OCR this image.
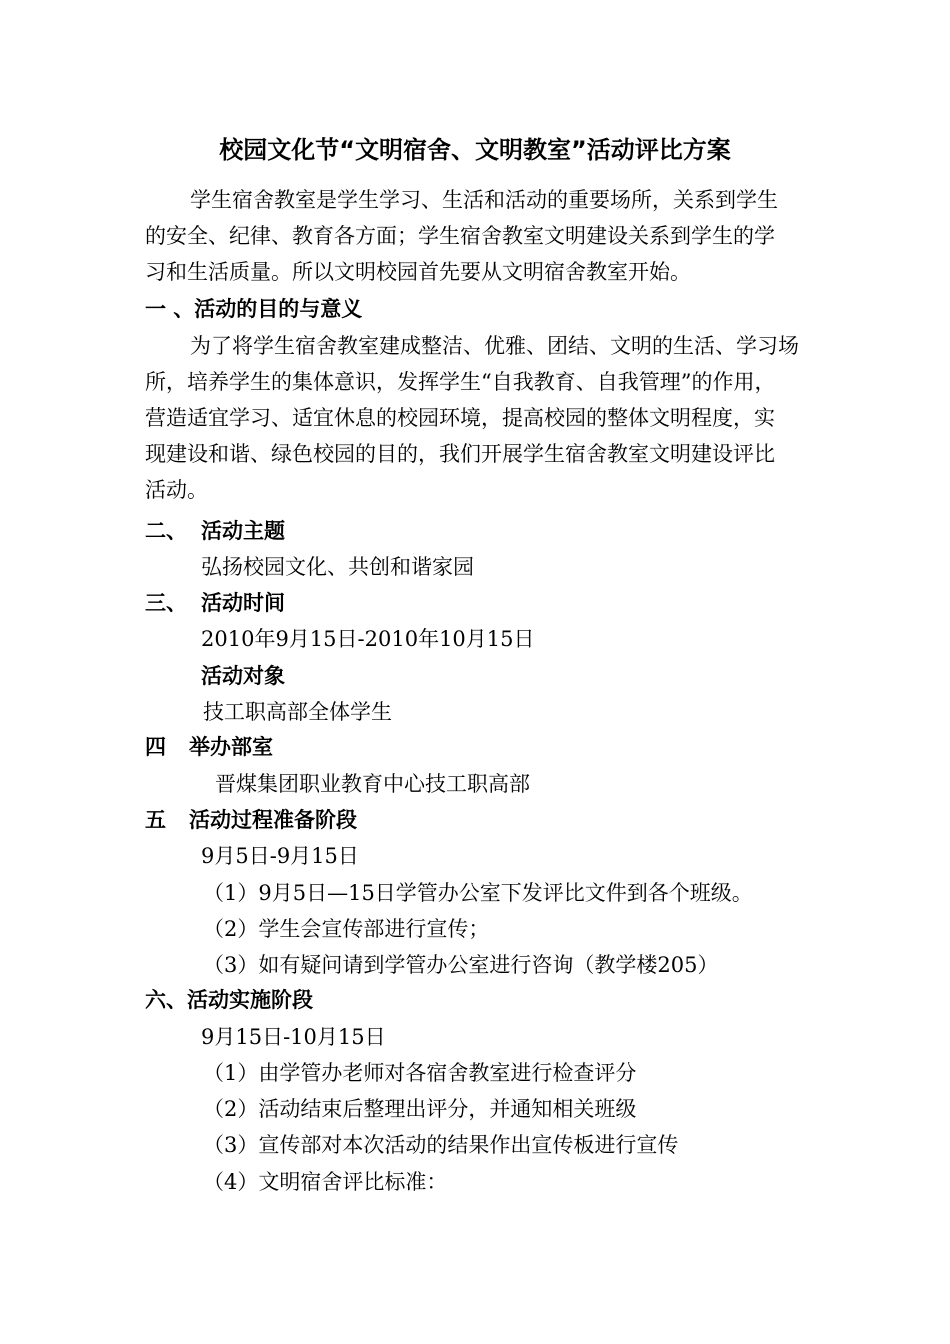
校园文化节“文明宿舍、文明教室”活动评比方案
学生宿舍教室是学生学习、生活和活动的重要场所，关系到学生
的安全、纪律、教育各方面；学生宿舍教室文明建设关系到学生的学
习和生活质量。所以文明校园首先要从文明宿舍教室开始。
一 、活动的目的与意义
为了将学生宿舍教室建成整洁、优雅、团结、文明的生活、学习场
所，培养学生的集体意识，发挥学生“自我教育、自我管理”的作用，
营造适宜学习、适宜休息的校园环境，提高校园的整体文明程度，实
现建设和谐、绿色校园的目的，我们开展学生宿舍教室文明建设评比
活动。
二、 活动主题
弘扬校园文化、共创和谐家园
三、 活动时间
2010年9月15日-2010年10月15日
活动对象
技工职高部全体学生
四 举办部室
晋煤集团职业教育中心技工职高部
五 活动过程准备阶段
9月5日-9月15日
（1）9月5日—15日学管办公室下发评比文件到各个班级。
（2）学生会宣传部进行宣传；
（3）如有疑问请到学管办公室进行咨询（教学楼205）
六、活动实施阶段
9月15日-10月15日
（1）由学管办老师对各宿舍教室进行检查评分
（2）活动结束后整理出评分，并通知相关班级
（3）宣传部对本次活动的结果作出宣传板进行宣传
（4）文明宿舍评比标准：
